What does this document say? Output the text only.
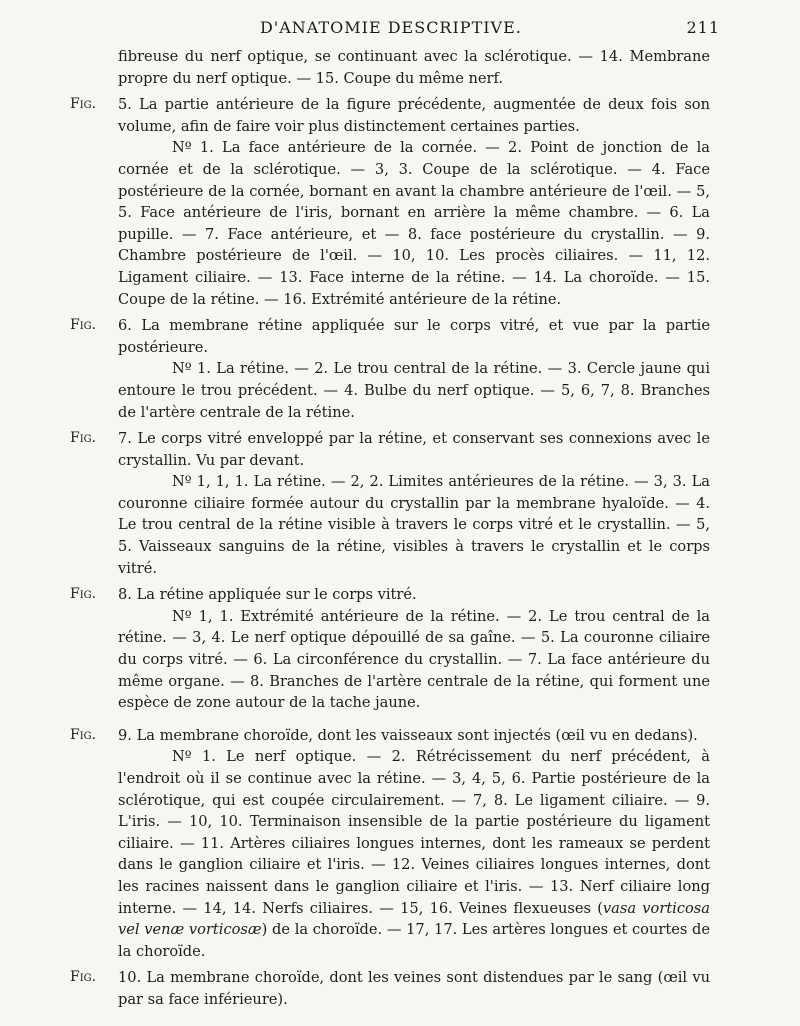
D'ANATOMIE DESCRIPTIVE.	211

fibreuse du nerf optique, se continuant avec la sclérotique. — 14. Membrane propre du nerf optique. — 15. Coupe du même nerf.

Fig.	5. La partie antérieure de la figure précédente, augmentée de deux fois son volume, afin de faire voir plus distinctement certaines parties.

Nº 1. La face antérieure de la cornée. — 2. Point de jonction de la cornée et de la sclérotique. — 3, 3. Coupe de la sclérotique. — 4. Face postérieure de la cornée, bornant en avant la chambre antérieure de l'œil. — 5, 5. Face antérieure de l'iris, bornant en arrière la même chambre. — 6. La pupille. — 7. Face antérieure, et — 8. face postérieure du crystallin. — 9. Chambre postérieure de l'œil. — 10, 10. Les procès ciliaires. — 11, 12. Ligament ciliaire. — 13. Face interne de la rétine. — 14. La choroïde. — 15. Coupe de la rétine. — 16. Extrémité antérieure de la rétine.

Fig.	6. La membrane rétine appliquée sur le corps vitré, et vue par la partie postérieure.

Nº 1. La rétine. — 2. Le trou central de la rétine. — 3. Cercle jaune qui entoure le trou précédent. — 4. Bulbe du nerf optique. — 5, 6, 7, 8. Branches de l'artère centrale de la rétine.

Fig.	7. Le corps vitré enveloppé par la rétine, et conservant ses connexions avec le crystallin. Vu par devant.

Nº 1, 1, 1. La rétine. — 2, 2. Limites antérieures de la rétine. — 3, 3. La couronne ciliaire formée autour du crystallin par la membrane hyaloïde. — 4. Le trou central de la rétine visible à travers le corps vitré et le crystallin. — 5, 5. Vaisseaux sanguins de la rétine, visibles à travers le crystallin et le corps vitré.

Fig.	8. La rétine appliquée sur le corps vitré.

Nº 1, 1. Extrémité antérieure de la rétine. — 2. Le trou central de la rétine. — 3, 4. Le nerf optique dépouillé de sa gaîne. — 5. La couronne ciliaire du corps vitré. — 6. La circonférence du crystallin. — 7. La face antérieure du même organe. — 8. Branches de l'artère centrale de la rétine, qui forment une espèce de zone autour de la tache jaune.

Fig.	9. La membrane choroïde, dont les vaisseaux sont injectés (œil vu en dedans).

Nº 1. Le nerf optique. — 2. Rétrécissement du nerf précédent, à l'endroit où il se continue avec la rétine. — 3, 4, 5, 6. Partie postérieure de la sclérotique, qui est coupée circulairement. — 7, 8. Le ligament ciliaire. — 9. L'iris. — 10, 10. Terminaison insensible de la partie postérieure du ligament ciliaire. — 11. Artères ciliaires longues internes, dont les rameaux se perdent dans le ganglion ciliaire et l'iris. — 12. Veines ciliaires longues internes, dont les racines naissent dans le ganglion ciliaire et l'iris. — 13. Nerf ciliaire long interne. — 14, 14. Nerfs ciliaires. — 15, 16. Veines flexueuses (vasa vorticosa vel venæ vorticosæ) de la choroïde. — 17, 17. Les artères longues et courtes de la choroïde.

Fig.	10. La membrane choroïde, dont les veines sont distendues par le sang (œil vu par sa face inférieure).
